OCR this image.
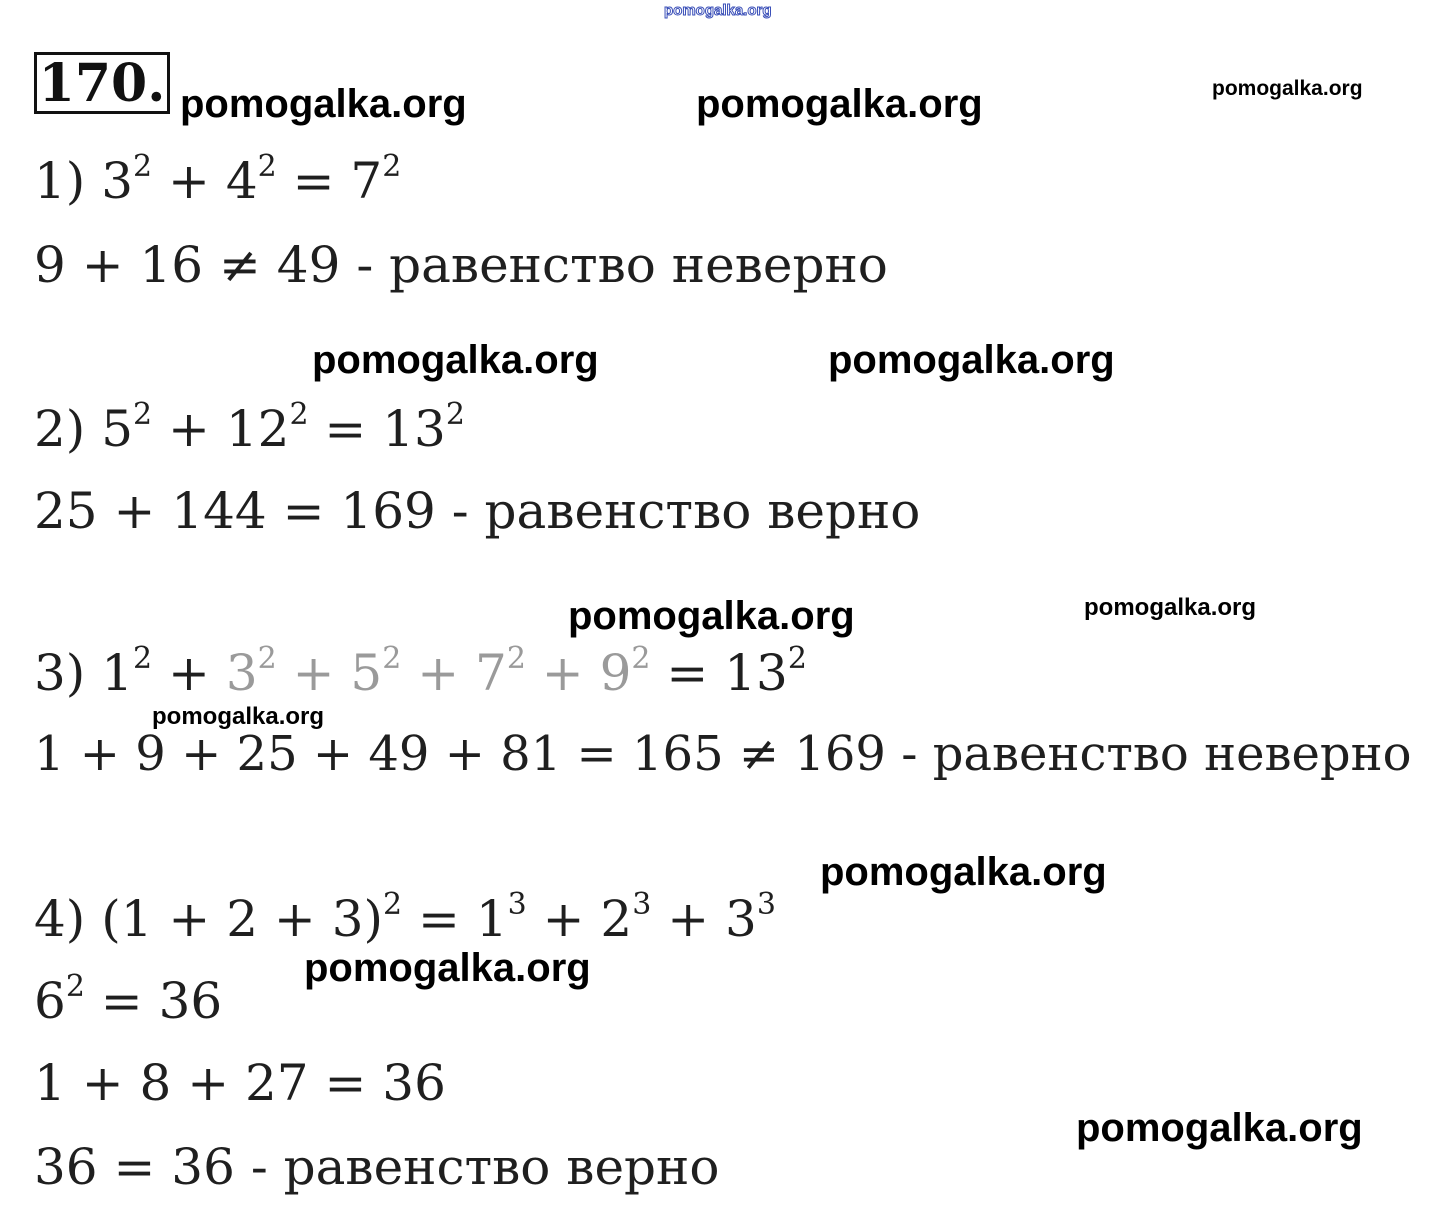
pomogalka.org
pomogalka.org	pomogalka.org	pomogalka.org
pomogalka.org	pomogalka.org
pomogalka.org	pomogalka.org
pomogalka.org
pomogalka.org
pomogalka.org
pomogalka.org
170.
1) $3^2 + 4^2 = 7^2$
9 + 16 ≠ 49 - равенство неверно
2) $5^2 + 12^2 = 13^2$
25 + 144 = 169 - равенство верно
3) $1^2 + 3^2 + 5^2 + 7^2 + 9^2 = 13^2$
1 + 9 + 25 + 49 + 81 = 165 ≠ 169 - равенство неверно
4) $(1 + 2 + 3)^2 = 1^3 + 2^3 + 3^3$
$6^2 = 36$
1 + 8 + 27 = 36
36 = 36 - равенство верно
